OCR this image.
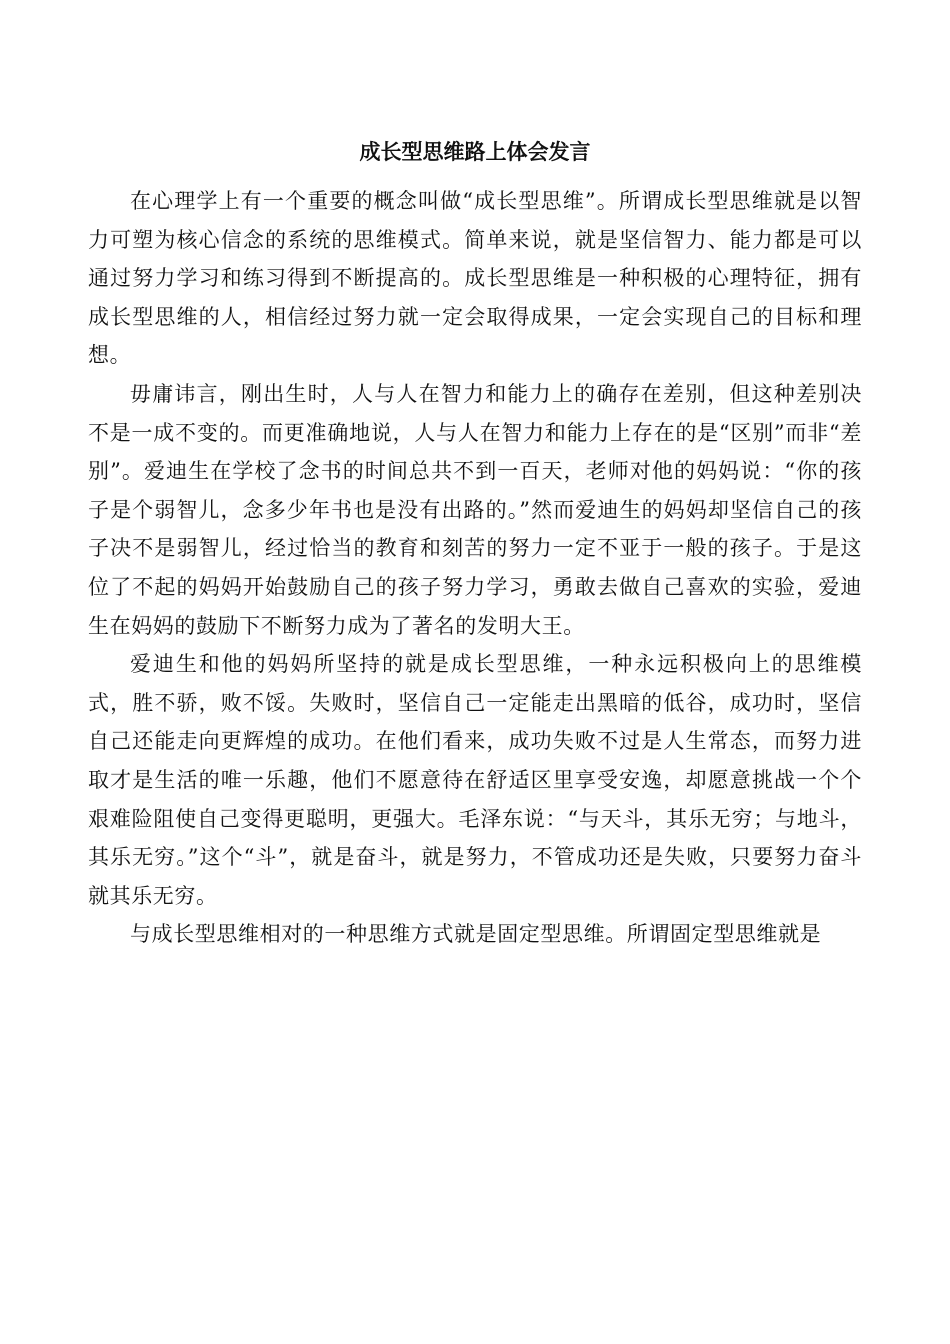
成长型思维路上体会发言

在心理学上有一个重要的概念叫做“成长型思维”。所谓成长型思维就是以智力可塑为核心信念的系统的思维模式。简单来说，就是坚信智力、能力都是可以通过努力学习和练习得到不断提高的。成长型思维是一种积极的心理特征，拥有成长型思维的人，相信经过努力就一定会取得成果，一定会实现自己的目标和理想。

毋庸讳言，刚出生时，人与人在智力和能力上的确存在差别，但这种差别决不是一成不变的。而更准确地说，人与人在智力和能力上存在的是“区别”而非“差别”。爱迪生在学校了念书的时间总共不到一百天，老师对他的妈妈说：“你的孩子是个弱智儿，念多少年书也是没有出路的。”然而爱迪生的妈妈却坚信自己的孩子决不是弱智儿，经过恰当的教育和刻苦的努力一定不亚于一般的孩子。于是这位了不起的妈妈开始鼓励自己的孩子努力学习，勇敢去做自己喜欢的实验，爱迪生在妈妈的鼓励下不断努力成为了著名的发明大王。

爱迪生和他的妈妈所坚持的就是成长型思维，一种永远积极向上的思维模式，胜不骄，败不馁。失败时，坚信自己一定能走出黑暗的低谷，成功时，坚信自己还能走向更辉煌的成功。在他们看来，成功失败不过是人生常态，而努力进取才是生活的唯一乐趣，他们不愿意待在舒适区里享受安逸，却愿意挑战一个个艰难险阻使自己变得更聪明，更强大。毛泽东说：“与天斗，其乐无穷；与地斗，其乐无穷。”这个“斗”，就是奋斗，就是努力，不管成功还是失败，只要努力奋斗就其乐无穷。

与成长型思维相对的一种思维方式就是固定型思维。所谓固定型思维就是
